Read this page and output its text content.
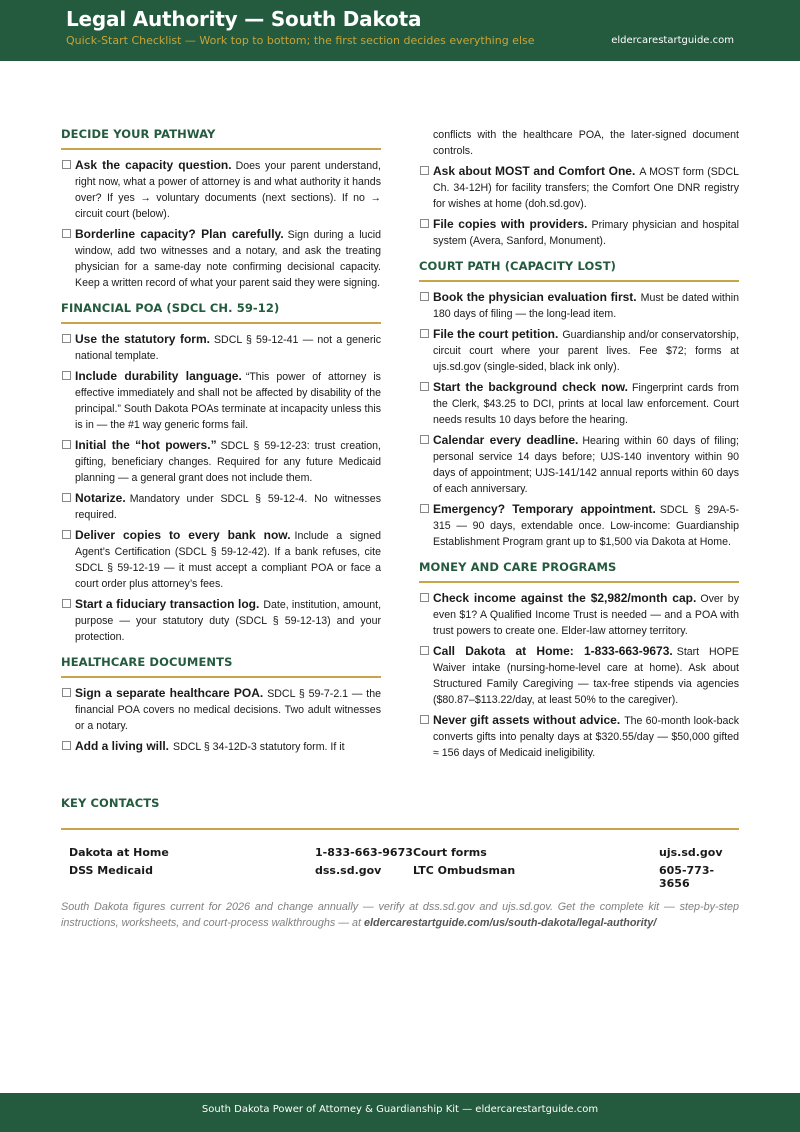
Legal Authority — South Dakota
Quick-Start Checklist — Work top to bottom; the first section decides everything else	eldercarestartguide.com
DECIDE YOUR PATHWAY
Ask the capacity question. Does your parent understand, right now, what a power of attorney is and what authority it hands over? If yes → voluntary documents (next sections). If no → circuit court (below).
Borderline capacity? Plan carefully. Sign during a lucid window, add two witnesses and a notary, and ask the treating physician for a same-day note confirming decisional capacity. Keep a written record of what your parent said they were signing.
FINANCIAL POA (SDCL CH. 59-12)
Use the statutory form. SDCL § 59-12-41 — not a generic national template.
Include durability language. “This power of attorney is effective immediately and shall not be affected by disability of the principal.” South Dakota POAs terminate at incapacity unless this is in — the #1 way generic forms fail.
Initial the “hot powers.” SDCL § 59-12-23: trust creation, gifting, beneficiary changes. Required for any future Medicaid planning — a general grant does not include them.
Notarize. Mandatory under SDCL § 59-12-4. No witnesses required.
Deliver copies to every bank now. Include a signed Agent’s Certification (SDCL § 59-12-42). If a bank refuses, cite SDCL § 59-12-19 — it must accept a compliant POA or face a court order plus attorney’s fees.
Start a fiduciary transaction log. Date, institution, amount, purpose — your statutory duty (SDCL § 59-12-13) and your protection.
HEALTHCARE DOCUMENTS
Sign a separate healthcare POA. SDCL § 59-7-2.1 — the financial POA covers no medical decisions. Two adult witnesses or a notary.
Add a living will. SDCL § 34-12D-3 statutory form. If it
conflicts with the healthcare POA, the later-signed document controls.
Ask about MOST and Comfort One. A MOST form (SDCL Ch. 34-12H) for facility transfers; the Comfort One DNR registry for wishes at home (doh.sd.gov).
File copies with providers. Primary physician and hospital system (Avera, Sanford, Monument).
COURT PATH (CAPACITY LOST)
Book the physician evaluation first. Must be dated within 180 days of filing — the long-lead item.
File the court petition. Guardianship and/or conservatorship, circuit court where your parent lives. Fee $72; forms at ujs.sd.gov (single-sided, black ink only).
Start the background check now. Fingerprint cards from the Clerk, $43.25 to DCI, prints at local law enforcement. Court needs results 10 days before the hearing.
Calendar every deadline. Hearing within 60 days of filing; personal service 14 days before; UJS-140 inventory within 90 days of appointment; UJS-141/142 annual reports within 60 days of each anniversary.
Emergency? Temporary appointment. SDCL § 29A-5-315 — 90 days, extendable once. Low-income: Guardianship Establishment Program grant up to $1,500 via Dakota at Home.
MONEY AND CARE PROGRAMS
Check income against the $2,982/month cap. Over by even $1? A Qualified Income Trust is needed — and a POA with trust powers to create one. Elder-law attorney territory.
Call Dakota at Home: 1-833-663-9673. Start HOPE Waiver intake (nursing-home-level care at home). Ask about Structured Family Caregiving — tax-free stipends via agencies ($80.87–$113.22/day, at least 50% to the caregiver).
Never gift assets without advice. The 60-month look-back converts gifts into penalty days at $320.55/day — $50,000 gifted ≈ 156 days of Medicaid ineligibility.
KEY CONTACTS
Dakota at Home	1-833-663-9673 Court forms	ujs.sd.gov
DSS Medicaid	dss.sd.gov	LTC Ombudsman	605-773-3656
South Dakota figures current for 2026 and change annually — verify at dss.sd.gov and ujs.sd.gov. Get the complete kit — step-by-step instructions, worksheets, and court-process walkthroughs — at eldercarestartguide.com/us/south-dakota/legal-authority/
South Dakota Power of Attorney & Guardianship Kit — eldercarestartguide.com
